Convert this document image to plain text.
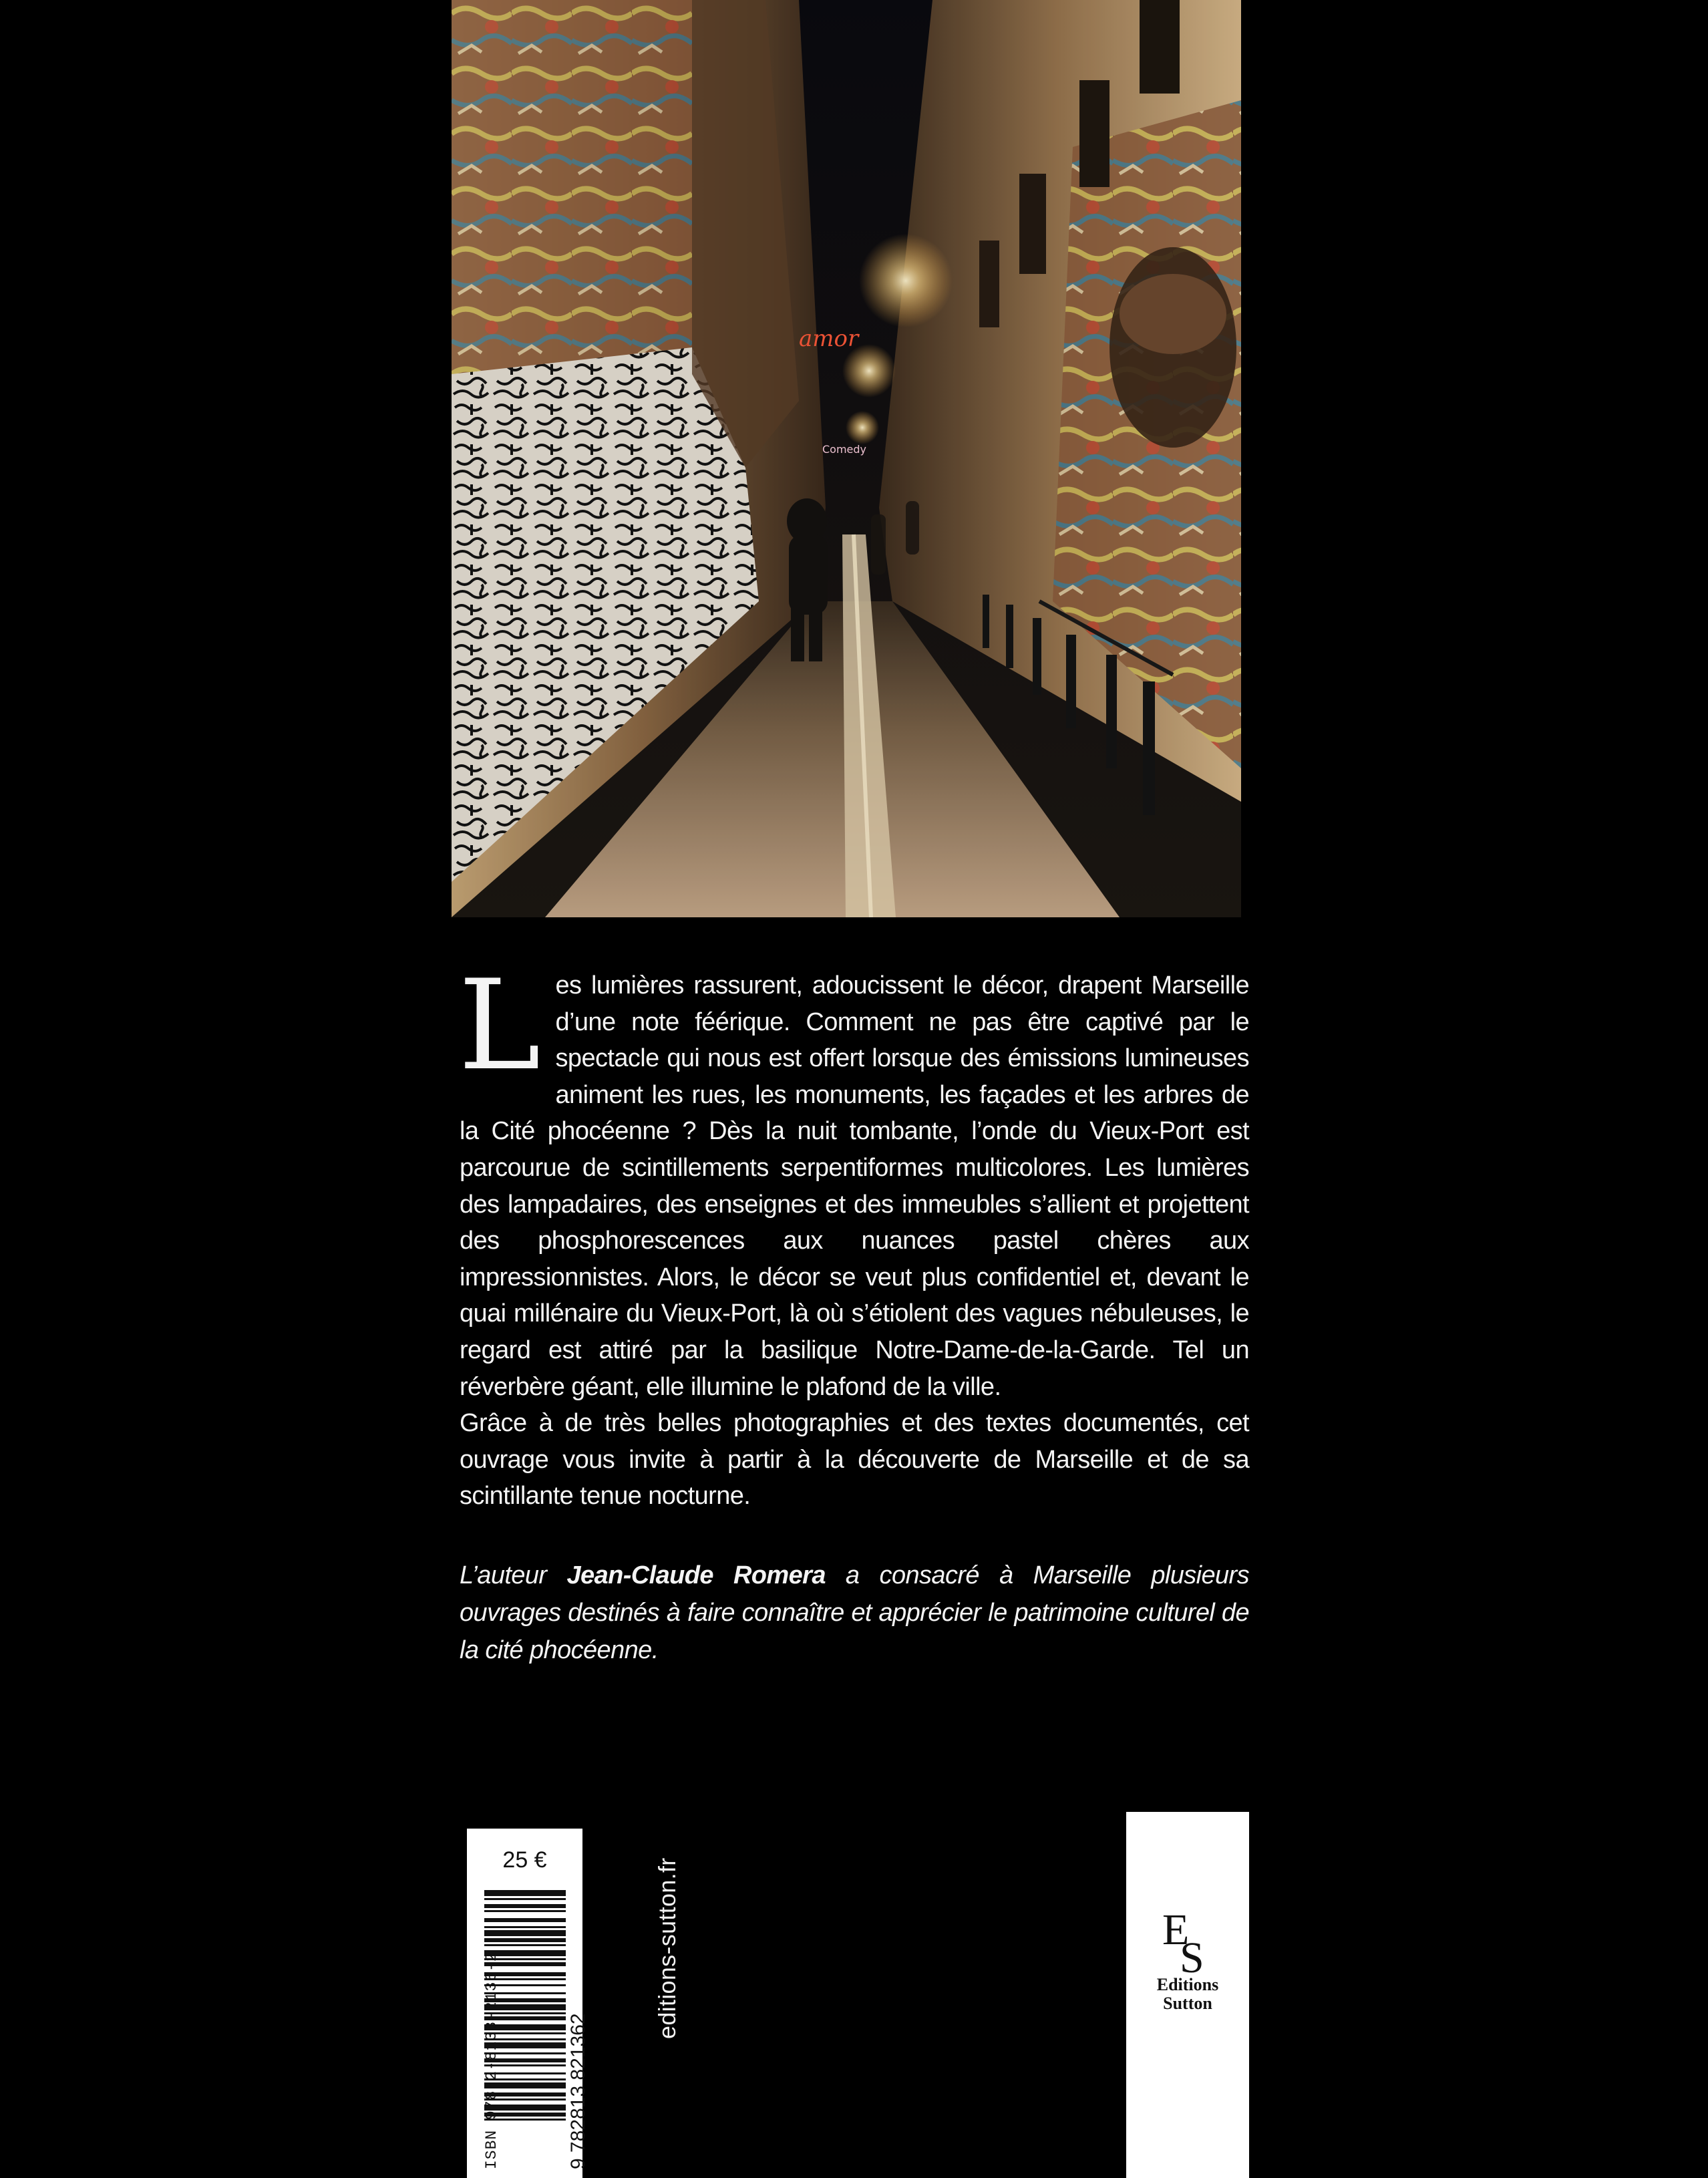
amor
Comedy

Les lumières rassurent, adoucissent le décor, drapent Marseille d’une note féérique. Comment ne pas être captivé par le spectacle qui nous est offert lorsque des émissions lumineuses animent les rues, les monuments, les façades et les arbres de la Cité phocéenne ? Dès la nuit tombante, l’onde du Vieux-Port est parcourue de scintillements serpentiformes multicolores. Les lumières des lampadaires, des enseignes et des immeubles s’allient et projettent des phosphorescences aux nuances pastel chères aux impressionnistes. Alors, le décor se veut plus confidentiel et, devant le quai millénaire du Vieux-Port, là où s’étiolent des vagues nébuleuses, le regard est attiré par la basilique Notre-Dame-de-la-Garde. Tel un réverbère géant, elle illumine le plafond de la ville.

Grâce à de très belles photographies et des textes documentés, cet ouvrage vous invite à partir à la découverte de Marseille et de sa scintillante tenue nocturne.

L’auteur Jean-Claude Romera a consacré à Marseille plusieurs ouvrages destinés à faire connaître et apprécier le patrimoine culturel de la cité phocéenne.

25 €
ISBN 978-2-8138-2136-2	9 782813 821362
editions-sutton.fr	E
S
Editions
Sutton
